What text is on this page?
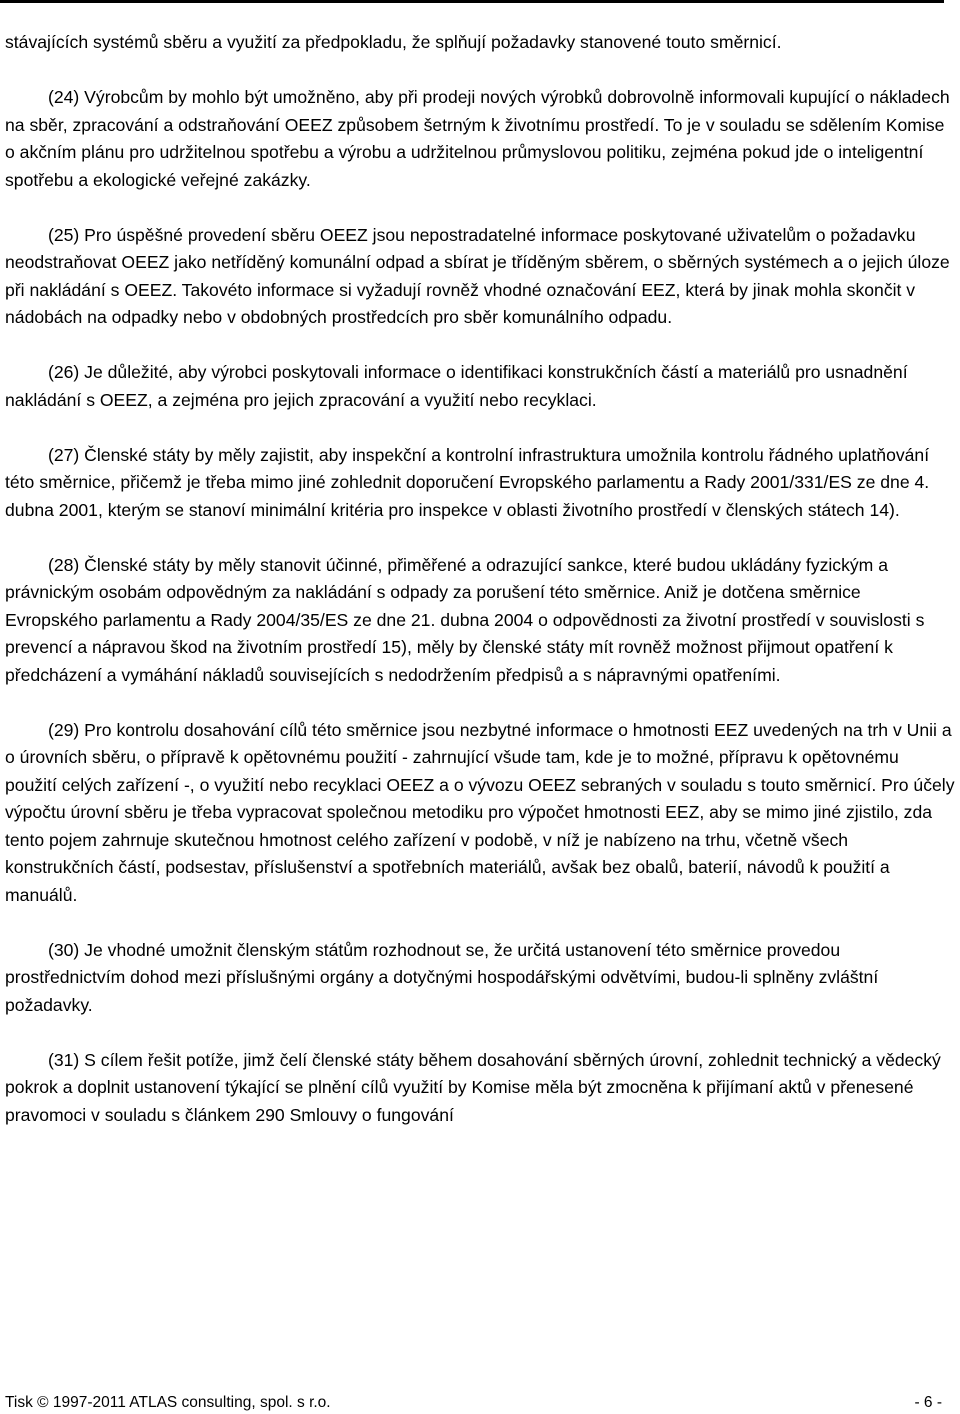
stávajících systémů sběru a využití za předpokladu, že splňují požadavky stanovené touto směrnicí.

(24) Výrobcům by mohlo být umožněno, aby při prodeji nových výrobků dobrovolně informovali kupující o nákladech na sběr, zpracování a odstraňování OEEZ způsobem šetrným k životnímu prostředí. To je v souladu se sdělením Komise o akčním plánu pro udržitelnou spotřebu a výrobu a udržitelnou průmyslovou politiku, zejména pokud jde o inteligentní spotřebu a ekologické veřejné zakázky.

(25) Pro úspěšné provedení sběru OEEZ jsou nepostradatelné informace poskytované uživatelům o požadavku neodstraňovat OEEZ jako netříděný komunální odpad a sbírat je tříděným sběrem, o sběrných systémech a o jejich úloze při nakládání s OEEZ. Takovéto informace si vyžadují rovněž vhodné označování EEZ, která by jinak mohla skončit v nádobách na odpadky nebo v obdobných prostředcích pro sběr komunálního odpadu.

(26) Je důležité, aby výrobci poskytovali informace o identifikaci konstrukčních částí a materiálů pro usnadnění nakládání s OEEZ, a zejména pro jejich zpracování a využití nebo recyklaci.

(27) Členské státy by měly zajistit, aby inspekční a kontrolní infrastruktura umožnila kontrolu řádného uplatňování této směrnice, přičemž je třeba mimo jiné zohlednit doporučení Evropského parlamentu a Rady 2001/331/ES ze dne 4. dubna 2001, kterým se stanoví minimální kritéria pro inspekce v oblasti životního prostředí v členských státech 14).

(28) Členské státy by měly stanovit účinné, přiměřené a odrazující sankce, které budou ukládány fyzickým a právnickým osobám odpovědným za nakládání s odpady za porušení této směrnice. Aniž je dotčena směrnice Evropského parlamentu a Rady 2004/35/ES ze dne 21. dubna 2004 o odpovědnosti za životní prostředí v souvislosti s prevencí a nápravou škod na životním prostředí 15), měly by členské státy mít rovněž možnost přijmout opatření k předcházení a vymáhání nákladů souvisejících s nedodržením předpisů a s nápravnými opatřeními.

(29) Pro kontrolu dosahování cílů této směrnice jsou nezbytné informace o hmotnosti EEZ uvedených na trh v Unii a o úrovních sběru, o přípravě k opětovnému použití - zahrnující všude tam, kde je to možné, přípravu k opětovnému použití celých zařízení -, o využití nebo recyklaci OEEZ a o vývozu OEEZ sebraných v souladu s touto směrnicí. Pro účely výpočtu úrovní sběru je třeba vypracovat společnou metodiku pro výpočet hmotnosti EEZ, aby se mimo jiné zjistilo, zda tento pojem zahrnuje skutečnou hmotnost celého zařízení v podobě, v níž je nabízeno na trhu, včetně všech konstrukčních částí, podsestav, příslušenství a spotřebních materiálů, avšak bez obalů, baterií, návodů k použití a manuálů.

(30) Je vhodné umožnit členským státům rozhodnout se, že určitá ustanovení této směrnice provedou prostřednictvím dohod mezi příslušnými orgány a dotyčnými hospodářskými odvětvími, budou-li splněny zvláštní požadavky.

(31) S cílem řešit potíže, jimž čelí členské státy během dosahování sběrných úrovní, zohlednit technický a vědecký pokrok a doplnit ustanovení týkající se plnění cílů využití by Komise měla být zmocněna k přijímaní aktů v přenesené pravomoci v souladu s článkem 290 Smlouvy o fungování

Tisk © 1997-2011 ATLAS consulting, spol. s r.o.	- 6 -
